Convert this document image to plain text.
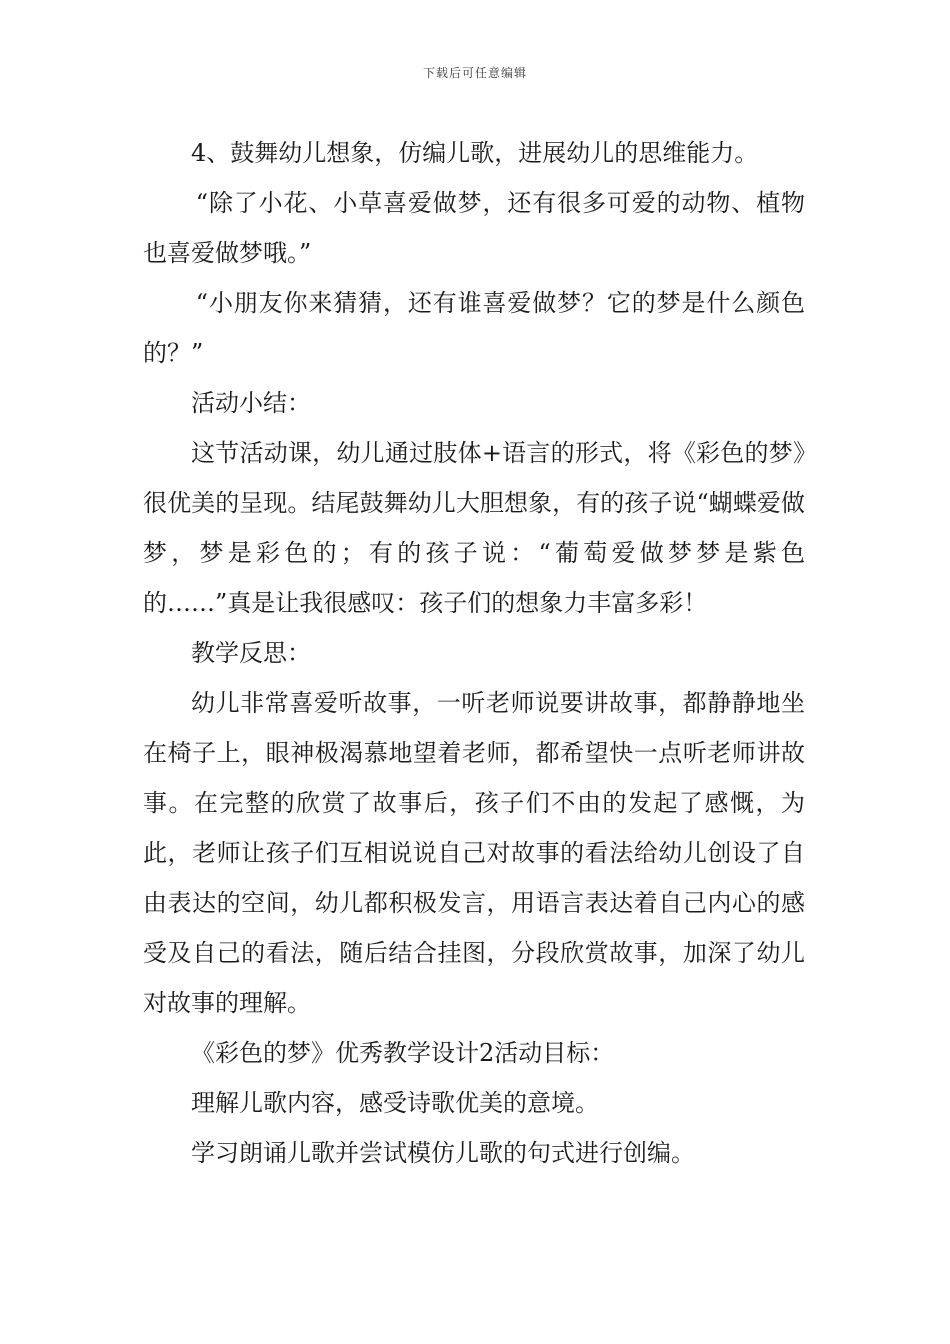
下载后可任意编辑

4、鼓舞幼儿想象，仿编儿歌，进展幼儿的思维能力。

“除了小花、小草喜爱做梦，还有很多可爱的动物、植物也喜爱做梦哦。”

“小朋友你来猜猜，还有谁喜爱做梦？它的梦是什么颜色的？”

活动小结：

这节活动课，幼儿通过肢体+语言的形式，将《彩色的梦》很优美的呈现。结尾鼓舞幼儿大胆想象，有的孩子说“蝴蝶爱做梦，梦是彩色的；有的孩子说：“葡萄爱做梦梦是紫色的……”真是让我很感叹：孩子们的想象力丰富多彩！

教学反思：

幼儿非常喜爱听故事，一听老师说要讲故事，都静静地坐在椅子上，眼神极渴慕地望着老师，都希望快一点听老师讲故事。在完整的欣赏了故事后，孩子们不由的发起了感慨，为此，老师让孩子们互相说说自己对故事的看法给幼儿创设了自由表达的空间，幼儿都积极发言，用语言表达着自己内心的感受及自己的看法，随后结合挂图，分段欣赏故事，加深了幼儿对故事的理解。

《彩色的梦》优秀教学设计2活动目标：

理解儿歌内容，感受诗歌优美的意境。

学习朗诵儿歌并尝试模仿儿歌的句式进行创编。
